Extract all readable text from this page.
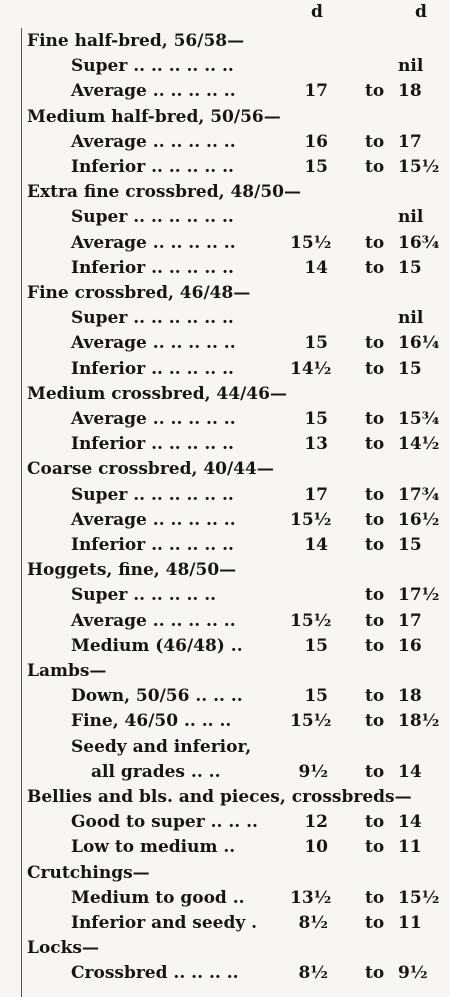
d	d
Fine half-bred, 56/58—
Super .. .. .. .. .. ..	nil
Average .. .. .. .. ..	17 to 18
Medium half-bred, 50/56—
Average .. .. .. .. ..	16 to 17
Inferior .. .. .. .. ..	15 to 15½
Extra fine crossbred, 48/50—
Super .. .. .. .. .. ..	nil
Average .. .. .. .. ..	15½ to 16¾
Inferior .. .. .. .. ..	14 to 15
Fine crossbred, 46/48—
Super .. .. .. .. .. ..	nil
Average .. .. .. .. ..	15 to 16¼
Inferior .. .. .. .. ..	14½ to 15
Medium crossbred, 44/46—
Average .. .. .. .. ..	15 to 15¾
Inferior .. .. .. .. ..	13 to 14½
Coarse crossbred, 40/44—
Super .. .. .. .. .. ..	17 to 17¾
Average .. .. .. .. ..	15½ to 16½
Inferior .. .. .. .. ..	14 to 15
Hoggets, fine, 48/50—
Super .. .. .. .. ..	to 17½
Average .. .. .. .. ..	15½ to 17
Medium (46/48) ..	15 to 16
Lambs—
Down, 50/56 .. .. ..	15 to 18
Fine, 46/50 .. .. ..	15½ to 18½
Seedy and inferior,
all grades .. ..	9½ to 14
Bellies and bls. and pieces, crossbreds—
Good to super .. .. ..	12 to 14
Low to medium ..	10 to 11
Crutchings—
Medium to good ..	13½ to 15½
Inferior and seedy .	8½ to 11
Locks—
Crossbred .. .. .. ..	8½ to 9½
